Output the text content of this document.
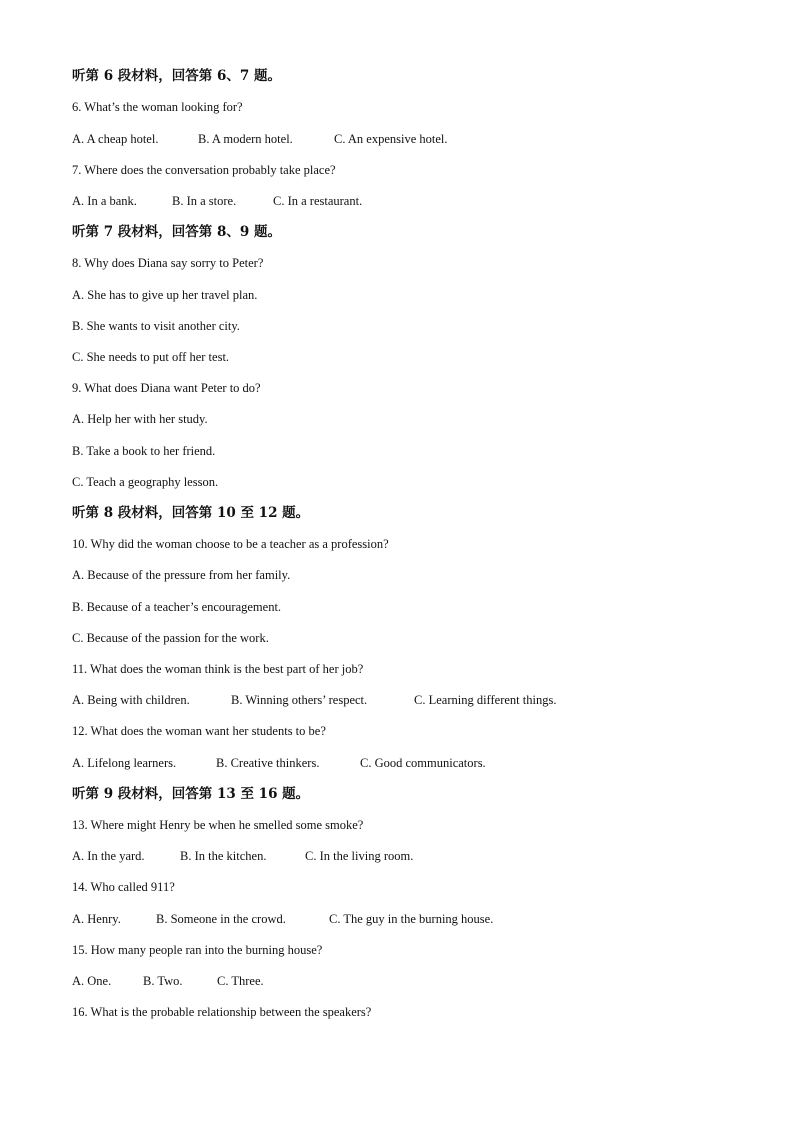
听第 6 段材料，回答第 6、7 题。
6. What’s the woman looking for?
A. A cheap hotel.	B. A modern hotel.	C. An expensive hotel.
7. Where does the conversation probably take place?
A. In a bank.	B. In a store.	C. In a restaurant.
听第 7 段材料，回答第 8、9 题。
8. Why does Diana say sorry to Peter?
A. She has to give up her travel plan.
B. She wants to visit another city.
C. She needs to put off her test.
9. What does Diana want Peter to do?
A. Help her with her study.
B. Take a book to her friend.
C. Teach a geography lesson.
听第 8 段材料，回答第 10 至 12 题。
10. Why did the woman choose to be a teacher as a profession?
A. Because of the pressure from her family.
B. Because of a teacher’s encouragement.
C. Because of the passion for the work.
11. What does the woman think is the best part of her job?
A. Being with children.	B. Winning others’ respect.	C. Learning different things.
12. What does the woman want her students to be?
A. Lifelong learners.	B. Creative thinkers.	C. Good communicators.
听第 9 段材料，回答第 13 至 16 题。
13. Where might Henry be when he smelled some smoke?
A. In the yard.	B. In the kitchen.	C. In the living room.
14. Who called 911?
A. Henry.	B. Someone in the crowd.	C. The guy in the burning house.
15. How many people ran into the burning house?
A. One.	B. Two.	C. Three.
16. What is the probable relationship between the speakers?
